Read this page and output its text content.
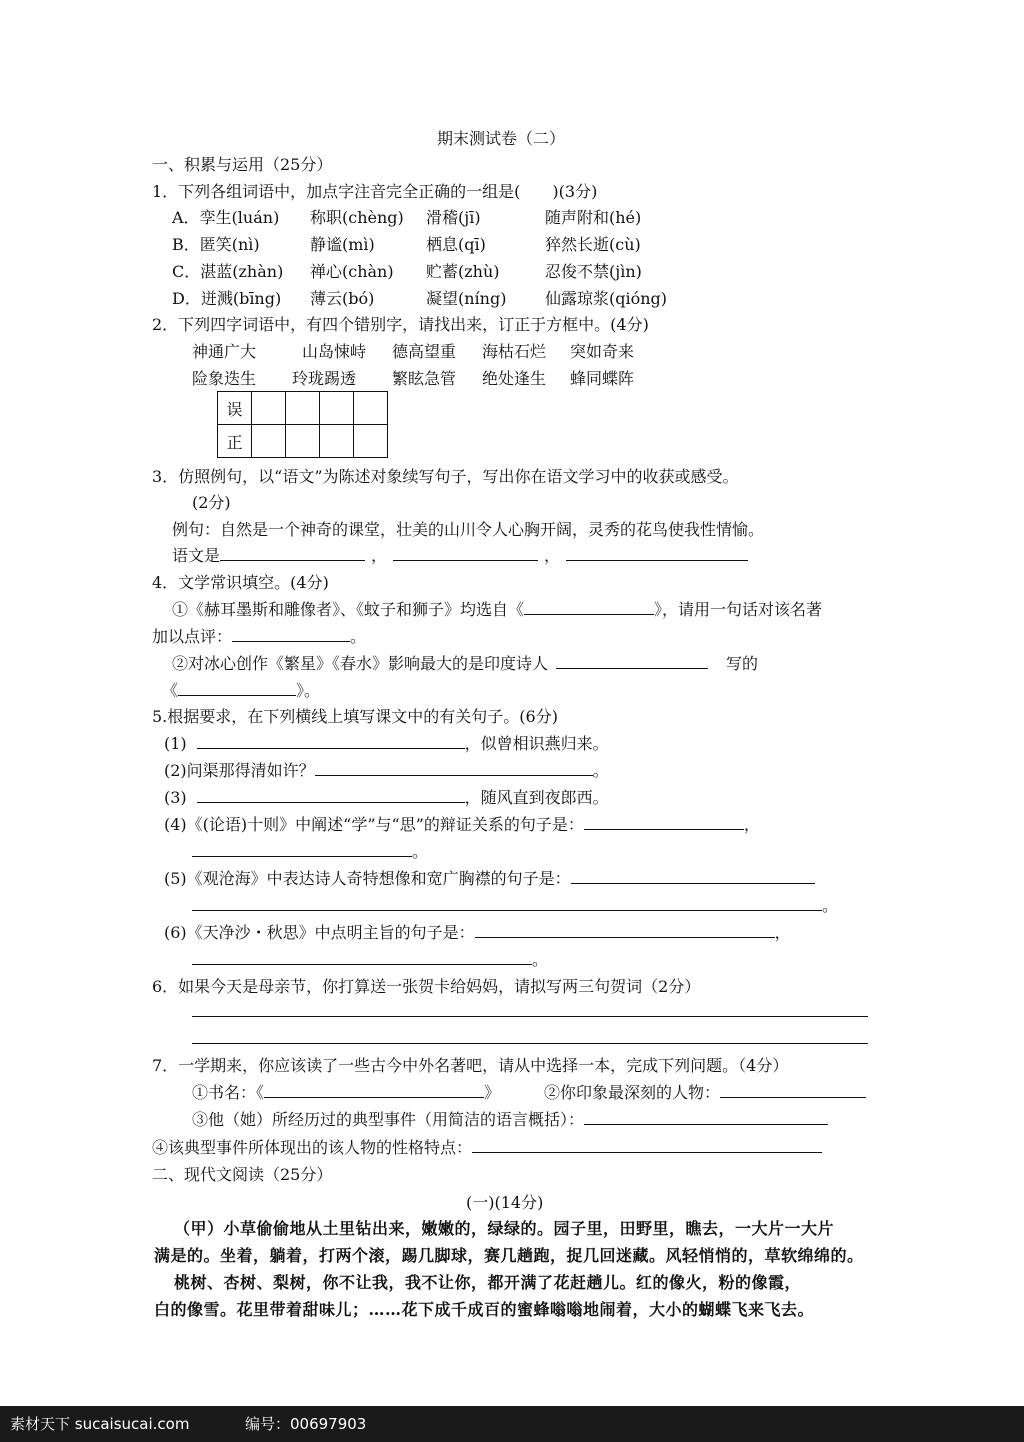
期末测试卷（二）
一、积累与运用（25分）
1．下列各组词语中，加点字注音完全正确的一组是(　　)(3分)
A．孪生(luán) 称职(chèng) 滑稽(jī)	随声附和(hé)
B．匿笑(nì)	静谧(mì)	栖息(qī)	猝然长逝(cù)
C．湛蓝(zhàn) 禅心(chàn) 贮蓄(zhù)	忍俊不禁(jìn)
D．迸溅(bīng) 薄云(bó)	凝望(níng) 仙露琼浆(qióng)
2．下列四字词语中，有四个错别字，请找出来，订正于方框中。(4分)
神通广大	山岛悚峙 德高望重 海枯石烂 突如奇来
险象迭生 玲珑踢透 繁眩急管 绝处逢生 蜂同蝶阵
误				
正				
3．仿照例句，以“语文”为陈述对象续写句子，写出你在语文学习中的收获或感受。
(2分)
例句：自然是一个神奇的课堂，壮美的山川令人心胸开阔，灵秀的花鸟使我性情愉。
语文是	，	，
4．文学常识填空。(4分)
①《赫耳墨斯和雕像者》、《蚊子和狮子》均选自《	》，请用一句话对该名著
加以点评：	。
②对冰心创作《繁星》《春水》影响最大的是印度诗人	写的
《	》。
5.根据要求，在下列横线上填写课文中的有关句子。(6分)
(1)	，似曾相识燕归来。
(2)问渠那得清如许？	。
(3)	，随风直到夜郎西。
(4)《(论语)十则》中阐述“学”与“思”的辩证关系的句子是：	，
。
(5)《观沧海》中表达诗人奇特想像和宽广胸襟的句子是：
。
(6)《天净沙・秋思》中点明主旨的句子是：	，
。
6．如果今天是母亲节，你打算送一张贺卡给妈妈，请拟写两三句贺词（2分）
7．一学期来，你应该读了一些古今中外名著吧，请从中选择一本，完成下列问题。（4分）
①书名：《	》	②你印象最深刻的人物：
③他（她）所经历过的典型事件（用简洁的语言概括）：
④该典型事件所体现出的该人物的性格特点：
二、现代文阅读（25分）
(一)(14分)
（甲）小草偷偷地从土里钻出来，嫩嫩的，绿绿的。园子里，田野里，瞧去，一大片一大片
满是的。坐着，躺着，打两个滚，踢几脚球，赛几趟跑，捉几回迷藏。风轻悄悄的，草软绵绵的。
桃树、杏树、梨树，你不让我，我不让你，都开满了花赶趟儿。红的像火，粉的像霞，
白的像雪。花里带着甜味儿；……花下成千成百的蜜蜂嗡嗡地闹着，大小的蝴蝶飞来飞去。
素材天下 sucaisucai.com	编号：00697903
